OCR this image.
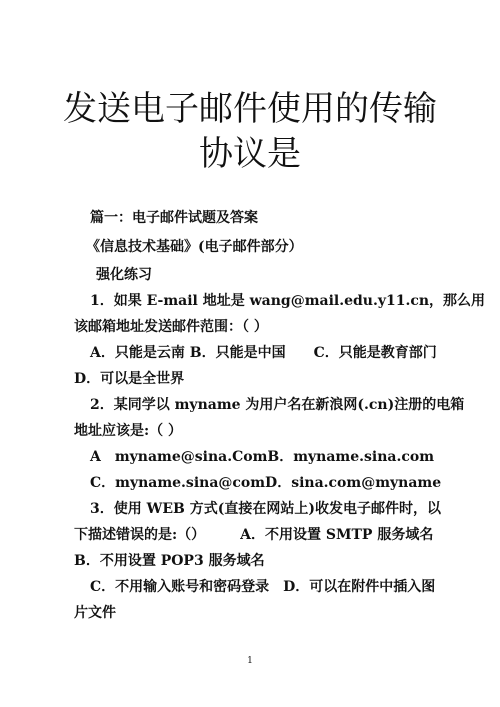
发送电子邮件使用的传输
协议是
篇一：电子邮件试题及答案
《信息技术基础》(电子邮件部分）
强化练习
1．如果 E-mail 地址是 wang@mail.edu.y11.cn，那么用
该邮箱地址发送邮件范围：（ ）
A．只能是云南 B．只能是中国　　C．只能是教育部门
D．可以是全世界
2．某同学以 myname 为用户名在新浪网(.cn)注册的电箱
地址应该是:（ ）
A　myname@sina.ComB．myname.sina.com
C．myname.sina@comD．sina.com@myname
3．使用 WEB 方式(直接在网站上)收发电子邮件时，以
下描述错误的是:（）　　　A．不用设置 SMTP 服务域名
B．不用设置 POP3 服务域名
C．不用输入账号和密码登录　D．可以在附件中插入图
片文件
1
